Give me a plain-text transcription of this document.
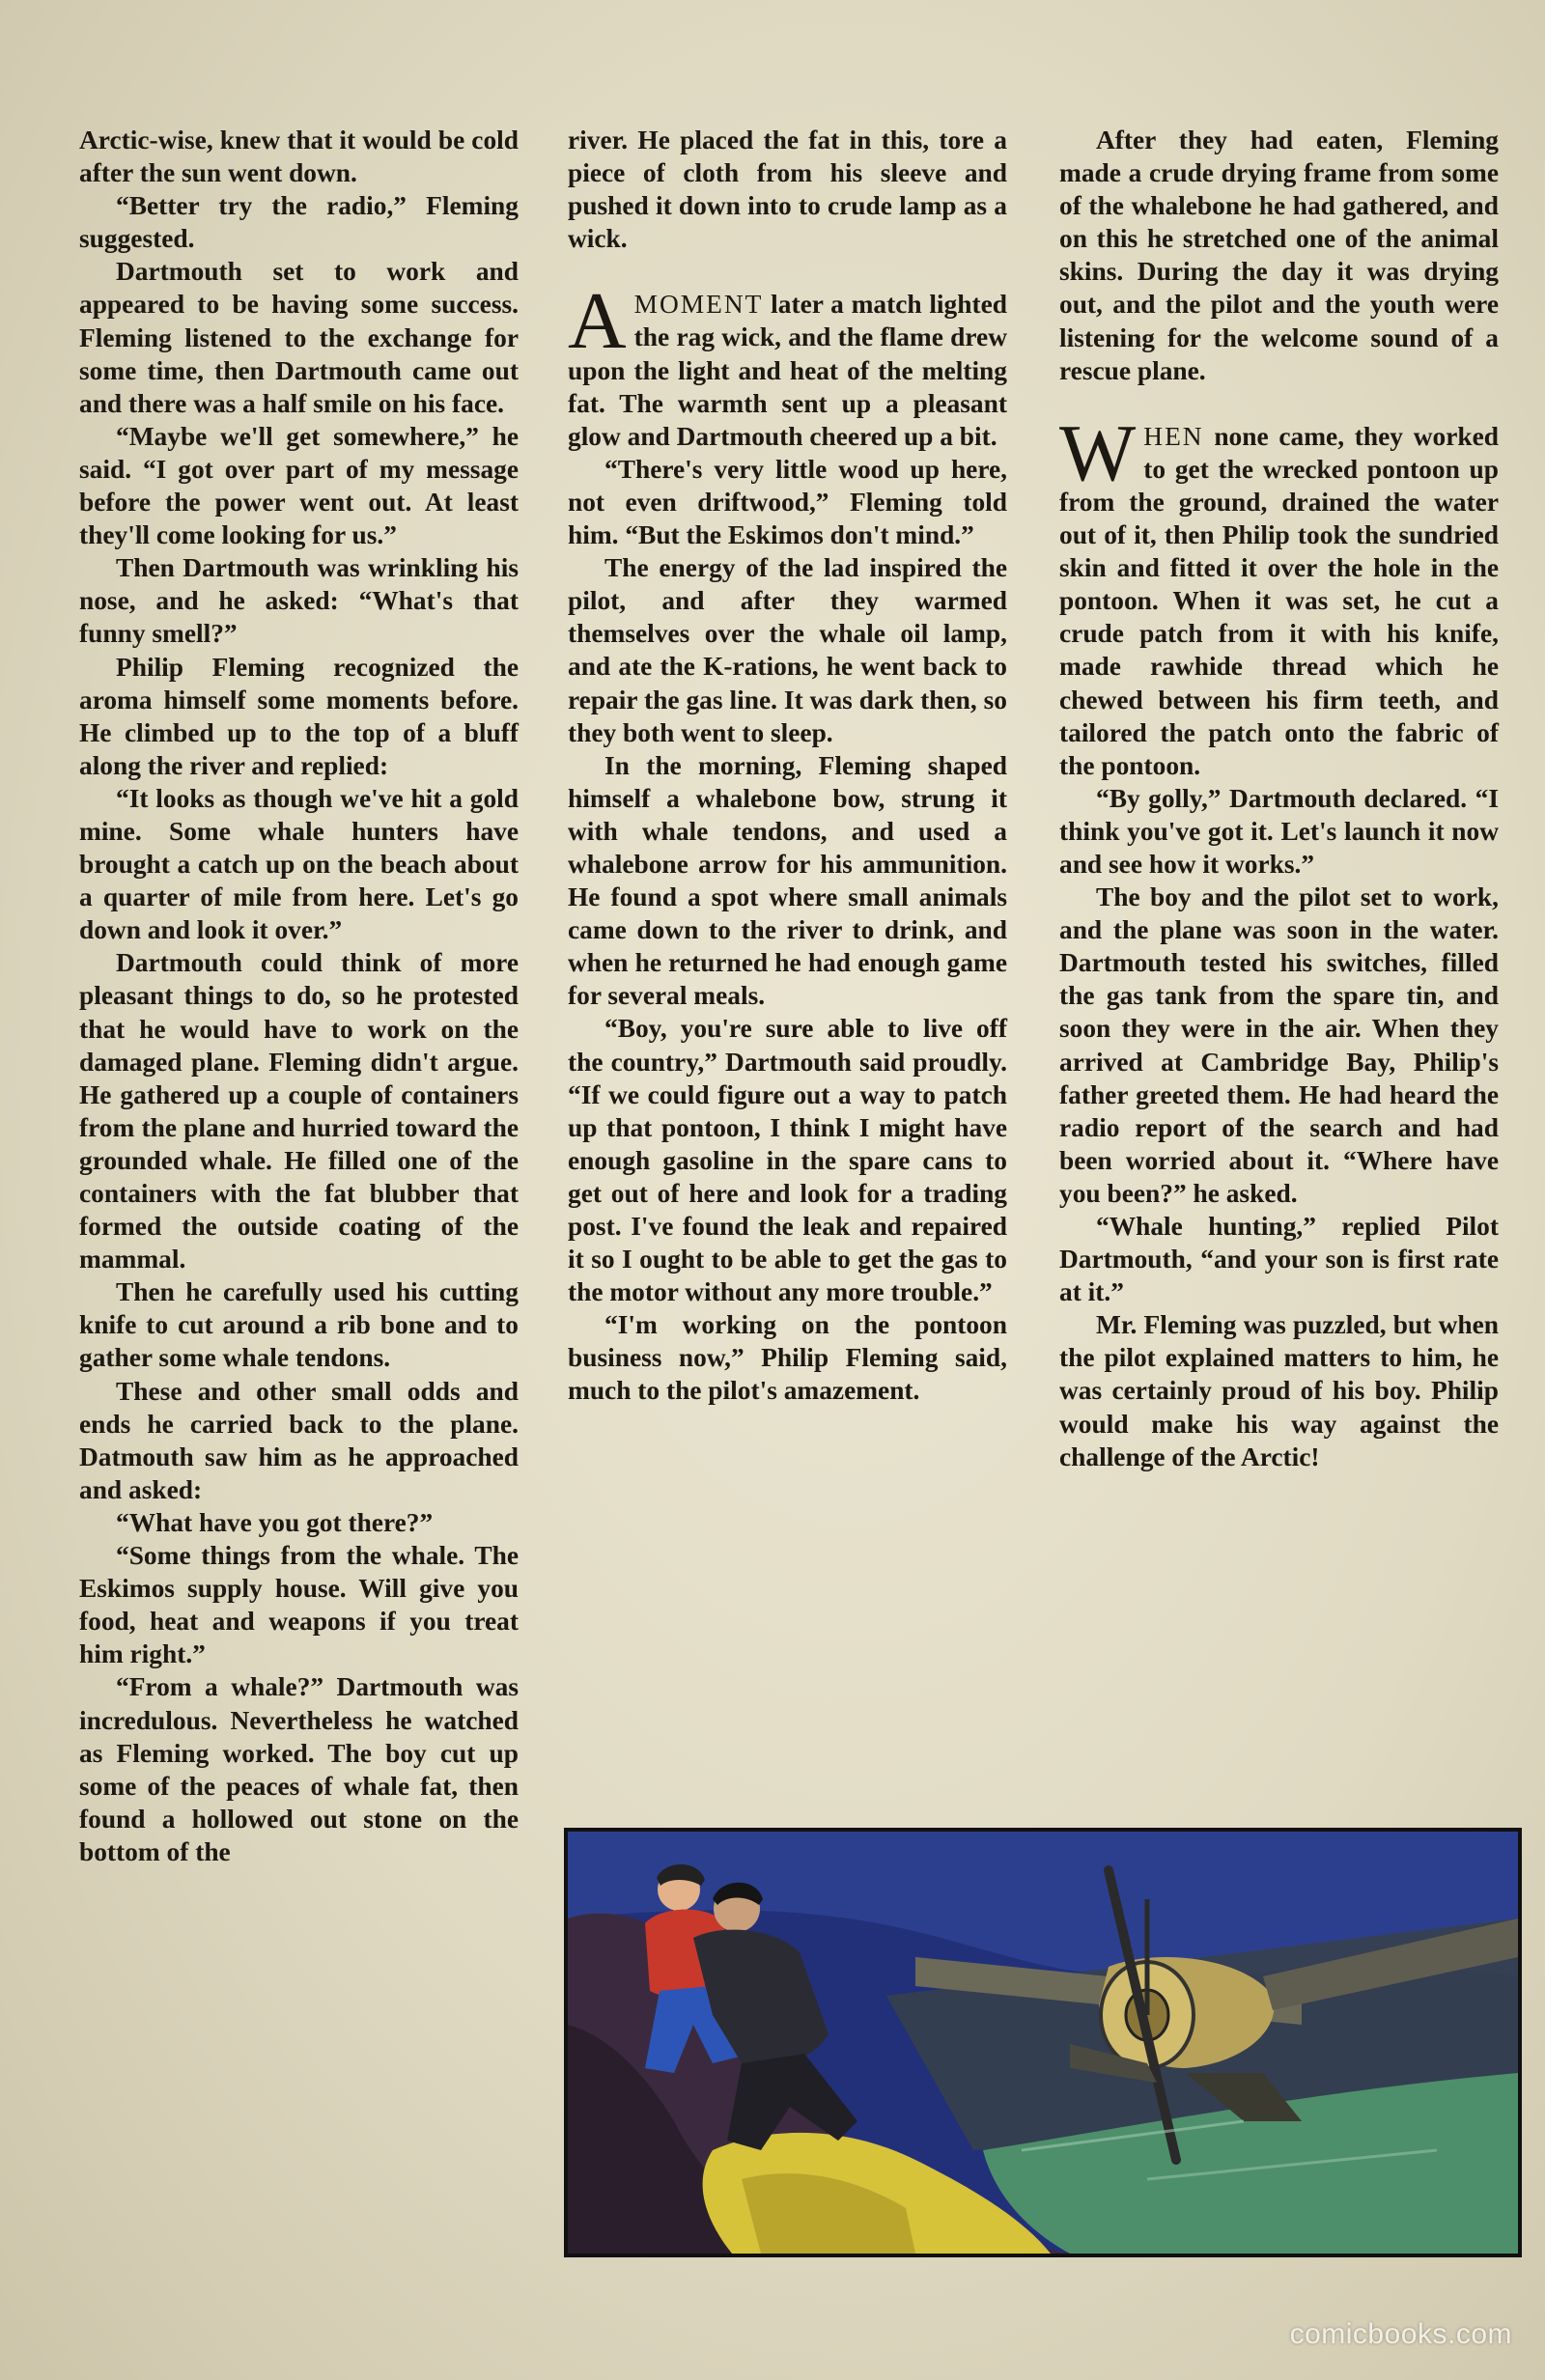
Arctic-wise, knew that it would be cold after the sun went down.

“Better try the radio,” Fleming suggested.

Dartmouth set to work and appeared to be having some success. Fleming listened to the exchange for some time, then Dartmouth came out and there was a half smile on his face.

“Maybe we'll get somewhere,” he said. “I got over part of my message before the power went out. At least they'll come looking for us.”

Then Dartmouth was wrinkling his nose, and he asked: “What's that funny smell?”

Philip Fleming recognized the aroma himself some moments before. He climbed up to the top of a bluff along the river and replied:

“It looks as though we've hit a gold mine. Some whale hunters have brought a catch up on the beach about a quarter of mile from here. Let's go down and look it over.”

Dartmouth could think of more pleasant things to do, so he protested that he would have to work on the damaged plane. Fleming didn't argue. He gathered up a couple of containers from the plane and hurried toward the grounded whale. He filled one of the containers with the fat blubber that formed the outside coating of the mammal.

Then he carefully used his cutting knife to cut around a rib bone and to gather some whale tendons.

These and other small odds and ends he carried back to the plane. Datmouth saw him as he approached and asked:

“What have you got there?”

“Some things from the whale. The Eskimos supply house. Will give you food, heat and weapons if you treat him right.”

“From a whale?” Dartmouth was incredulous. Nevertheless he watched as Fleming worked. The boy cut up some of the peaces of whale fat, then found a hollowed out stone on the bottom of the

river. He placed the fat in this, tore a piece of cloth from his sleeve and pushed it down into to crude lamp as a wick.

AMOMENT later a match lighted the rag wick, and the flame drew upon the light and heat of the melting fat. The warmth sent up a pleasant glow and Dartmouth cheered up a bit.

“There's very little wood up here, not even driftwood,” Fleming told him. “But the Eskimos don't mind.”

The energy of the lad inspired the pilot, and after they warmed themselves over the whale oil lamp, and ate the K-rations, he went back to repair the gas line. It was dark then, so they both went to sleep.

In the morning, Fleming shaped himself a whalebone bow, strung it with whale tendons, and used a whalebone arrow for his ammunition. He found a spot where small animals came down to the river to drink, and when he returned he had enough game for several meals.

“Boy, you're sure able to live off the country,” Dartmouth said proudly. “If we could figure out a way to patch up that pontoon, I think I might have enough gasoline in the spare cans to get out of here and look for a trading post. I've found the leak and repaired it so I ought to be able to get the gas to the motor without any more trouble.”

“I'm working on the pontoon business now,” Philip Fleming said, much to the pilot's amazement.

After they had eaten, Fleming made a crude drying frame from some of the whalebone he had gathered, and on this he stretched one of the animal skins. During the day it was drying out, and the pilot and the youth were listening for the welcome sound of a rescue plane.

WHEN none came, they worked to get the wrecked pontoon up from the ground, drained the water out of it, then Philip took the sundried skin and fitted it over the hole in the pontoon. When it was set, he cut a crude patch from it with his knife, made rawhide thread which he chewed between his firm teeth, and tailored the patch onto the fabric of the pontoon.

“By golly,” Dartmouth declared. “I think you've got it. Let's launch it now and see how it works.”

The boy and the pilot set to work, and the plane was soon in the water. Dartmouth tested his switches, filled the gas tank from the spare tin, and soon they were in the air. When they arrived at Cambridge Bay, Philip's father greeted them. He had heard the radio report of the search and had been worried about it. “Where have you been?” he asked.

“Whale hunting,” replied Pilot Dartmouth, “and your son is first rate at it.”

Mr. Fleming was puzzled, but when the pilot explained matters to him, he was certainly proud of his boy. Philip would make his way against the challenge of the Arctic!

comicbooks.com
